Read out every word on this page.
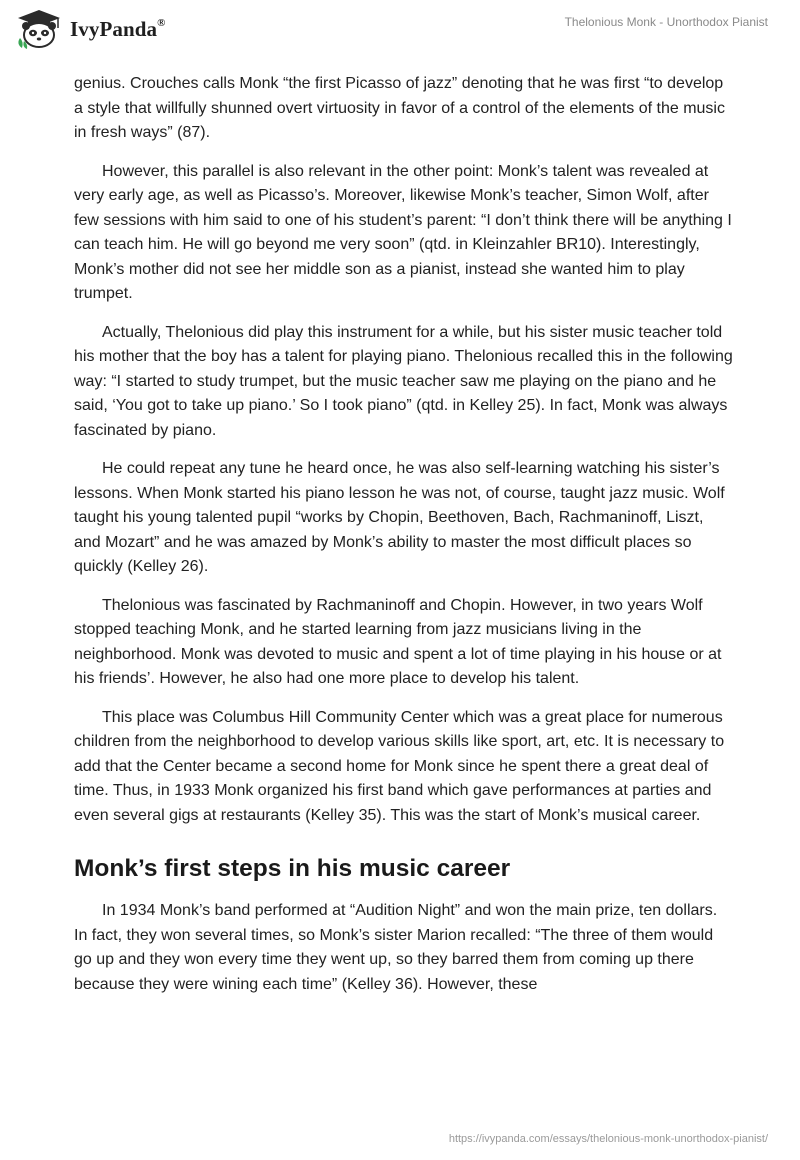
IvyPanda®	Thelonious Monk - Unorthodox Pianist

genius. Crouches calls Monk “the first Picasso of jazz” denoting that he was first “to develop a style that willfully shunned overt virtuosity in favor of a control of the elements of the music in fresh ways” (87).

However, this parallel is also relevant in the other point: Monk’s talent was revealed at very early age, as well as Picasso’s. Moreover, likewise Monk’s teacher, Simon Wolf, after few sessions with him said to one of his student’s parent: “I don’t think there will be anything I can teach him. He will go beyond me very soon” (qtd. in Kleinzahler BR10). Interestingly, Monk’s mother did not see her middle son as a pianist, instead she wanted him to play trumpet.

Actually, Thelonious did play this instrument for a while, but his sister music teacher told his mother that the boy has a talent for playing piano. Thelonious recalled this in the following way: “I started to study trumpet, but the music teacher saw me playing on the piano and he said, ‘You got to take up piano.’ So I took piano” (qtd. in Kelley 25). In fact, Monk was always fascinated by piano.

He could repeat any tune he heard once, he was also self-learning watching his sister’s lessons. When Monk started his piano lesson he was not, of course, taught jazz music. Wolf taught his young talented pupil “works by Chopin, Beethoven, Bach, Rachmaninoff, Liszt, and Mozart” and he was amazed by Monk’s ability to master the most difficult places so quickly (Kelley 26).

Thelonious was fascinated by Rachmaninoff and Chopin. However, in two years Wolf stopped teaching Monk, and he started learning from jazz musicians living in the neighborhood. Monk was devoted to music and spent a lot of time playing in his house or at his friends’. However, he also had one more place to develop his talent.

This place was Columbus Hill Community Center which was a great place for numerous children from the neighborhood to develop various skills like sport, art, etc. It is necessary to add that the Center became a second home for Monk since he spent there a great deal of time. Thus, in 1933 Monk organized his first band which gave performances at parties and even several gigs at restaurants (Kelley 35). This was the start of Monk’s musical career.

Monk’s first steps in his music career

In 1934 Monk’s band performed at “Audition Night” and won the main prize, ten dollars. In fact, they won several times, so Monk’s sister Marion recalled: “The three of them would go up and they won every time they went up, so they barred them from coming up there because they were wining each time” (Kelley 36). However, these

https://ivypanda.com/essays/thelonious-monk-unorthodox-pianist/
